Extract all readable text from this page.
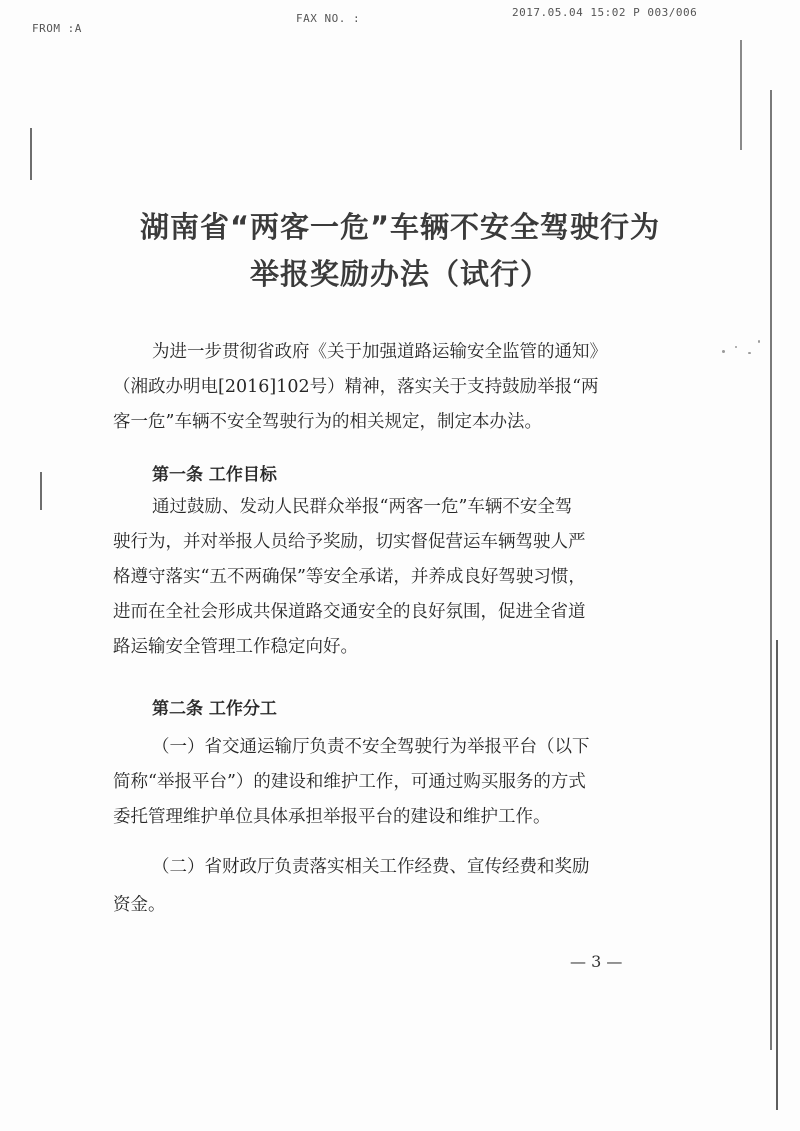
FROM :A
FAX NO. :	2017.05.04 15:02 P 003/006
湖南省“两客一危”车辆不安全驾驶行为
举报奖励办法（试行）
为进一步贯彻省政府《关于加强道路运输安全监管的通知》
（湘政办明电[2016]102号）精神，落实关于支持鼓励举报“两
客一危”车辆不安全驾驶行为的相关规定，制定本办法。
第一条 工作目标
通过鼓励、发动人民群众举报“两客一危”车辆不安全驾
驶行为，并对举报人员给予奖励，切实督促营运车辆驾驶人严
格遵守落实“五不两确保”等安全承诺，并养成良好驾驶习惯，
进而在全社会形成共保道路交通安全的良好氛围，促进全省道
路运输安全管理工作稳定向好。
第二条 工作分工
（一）省交通运输厅负责不安全驾驶行为举报平台（以下
简称“举报平台”）的建设和维护工作，可通过购买服务的方式
委托管理维护单位具体承担举报平台的建设和维护工作。
（二）省财政厅负责落实相关工作经费、宣传经费和奖励
资金。
— 3 —
